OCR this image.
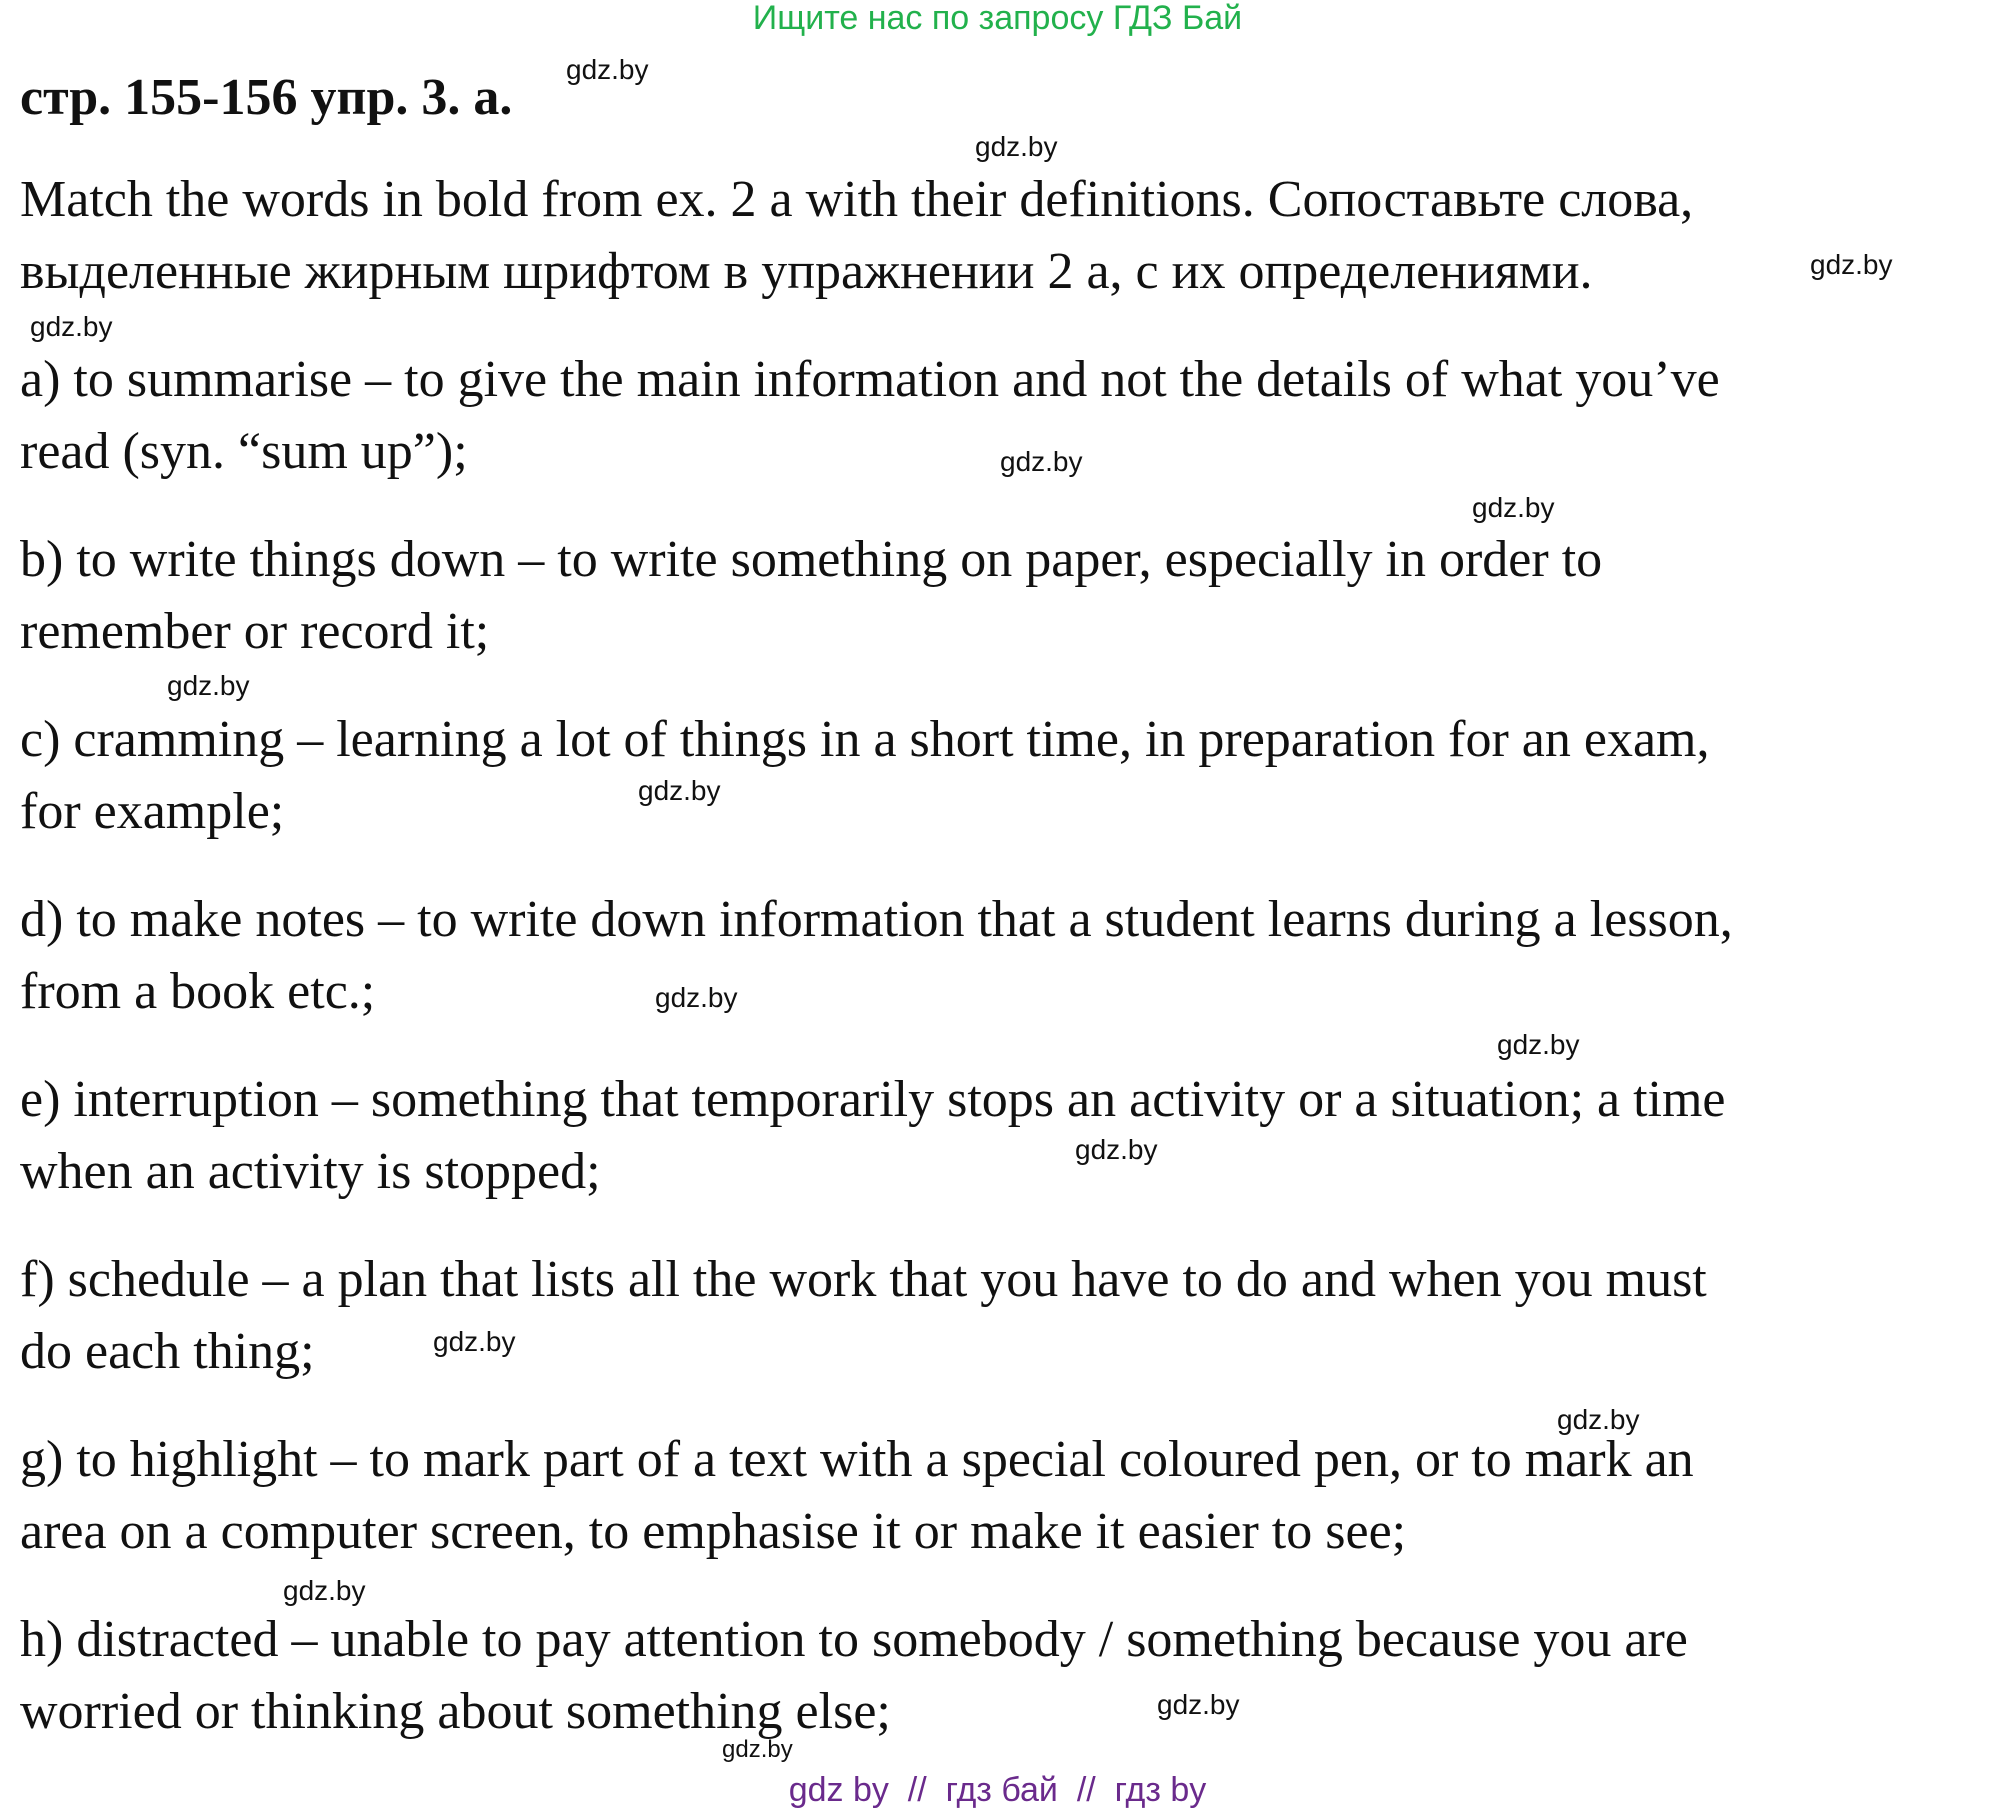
Ищите нас по запросу ГДЗ Бай
стр. 155-156 упр. 3. а.
Match the words in bold from ex. 2 a with their definitions. Сопоставьте слова,
выделенные жирным шрифтом в упражнении 2 а, с их определениями.
a) to summarise – to give the main information and not the details of what you’ve
read (syn. “sum up”);
b) to write things down – to write something on paper, especially in order to
remember or record it;
c) cramming – learning a lot of things in a short time, in preparation for an exam,
for example;
d) to make notes – to write down information that a student learns during a lesson,
from a book etc.;
e) interruption – something that temporarily stops an activity or a situation; a time
when an activity is stopped;
f) schedule – a plan that lists all the work that you have to do and when you must
do each thing;
g) to highlight – to mark part of a text with a special coloured pen, or to mark an
area on a computer screen, to emphasise it or make it easier to see;
h) distracted – unable to pay attention to somebody / something because you are
worried or thinking about something else;
gdz.by
gdz.by
gdz.by
gdz.by
gdz.by
gdz.by
gdz.by
gdz.by
gdz.by
gdz.by
gdz.by
gdz.by
gdz.by
gdz.by
gdz.by
gdz.by
gdz by  //  гдз бай  //  гдз by
